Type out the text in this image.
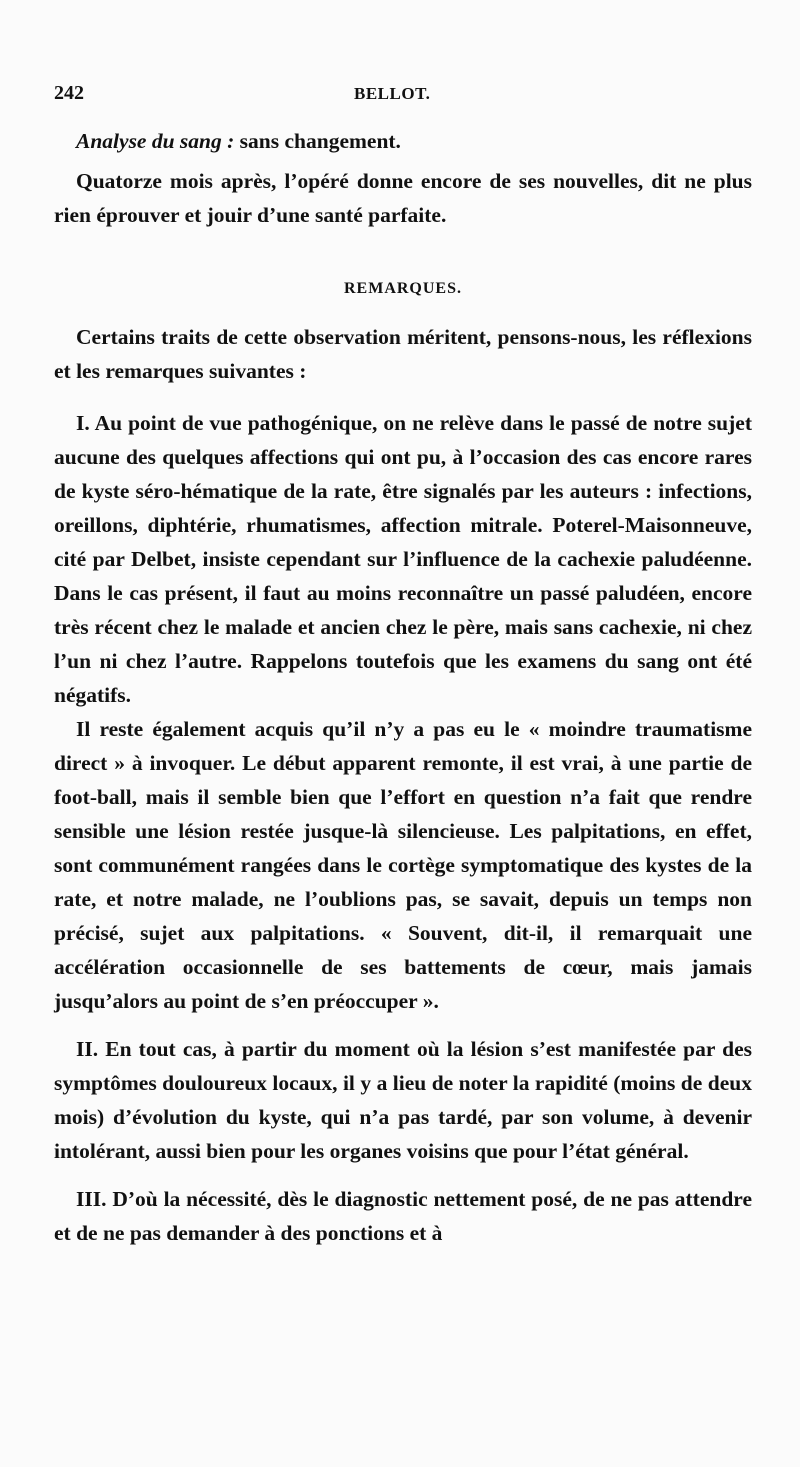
242	BELLOT.

Analyse du sang : sans changement.

Quatorze mois après, l’opéré donne encore de ses nouvelles, dit ne plus rien éprouver et jouir d’une santé parfaite.

REMARQUES.

Certains traits de cette observation méritent, pensons-nous, les réflexions et les remarques suivantes :

I. Au point de vue pathogénique, on ne relève dans le passé de notre sujet aucune des quelques affections qui ont pu, à l’occasion des cas encore rares de kyste séro-hématique de la rate, être signalés par les auteurs : infections, oreillons, diphtérie, rhumatismes, affection mitrale. Poterel-Maisonneuve, cité par Delbet, insiste cependant sur l’influence de la cachexie paludéenne. Dans le cas présent, il faut au moins reconnaître un passé paludéen, encore très récent chez le malade et ancien chez le père, mais sans cachexie, ni chez l’un ni chez l’autre. Rappelons toutefois que les examens du sang ont été négatifs.

Il reste également acquis qu’il n’y a pas eu le « moindre traumatisme direct » à invoquer. Le début apparent remonte, il est vrai, à une partie de foot-ball, mais il semble bien que l’effort en question n’a fait que rendre sensible une lésion restée jusque-là silencieuse. Les palpitations, en effet, sont communément rangées dans le cortège symptomatique des kystes de la rate, et notre malade, ne l’oublions pas, se savait, depuis un temps non précisé, sujet aux palpitations. « Souvent, dit-il, il remarquait une accélération occasionnelle de ses battements de cœur, mais jamais jusqu’alors au point de s’en préoccuper ».

II. En tout cas, à partir du moment où la lésion s’est manifestée par des symptômes douloureux locaux, il y a lieu de noter la rapidité (moins de deux mois) d’évolution du kyste, qui n’a pas tardé, par son volume, à devenir intolérant, aussi bien pour les organes voisins que pour l’état général.

III. D’où la nécessité, dès le diagnostic nettement posé, de ne pas attendre et de ne pas demander à des ponctions et à
